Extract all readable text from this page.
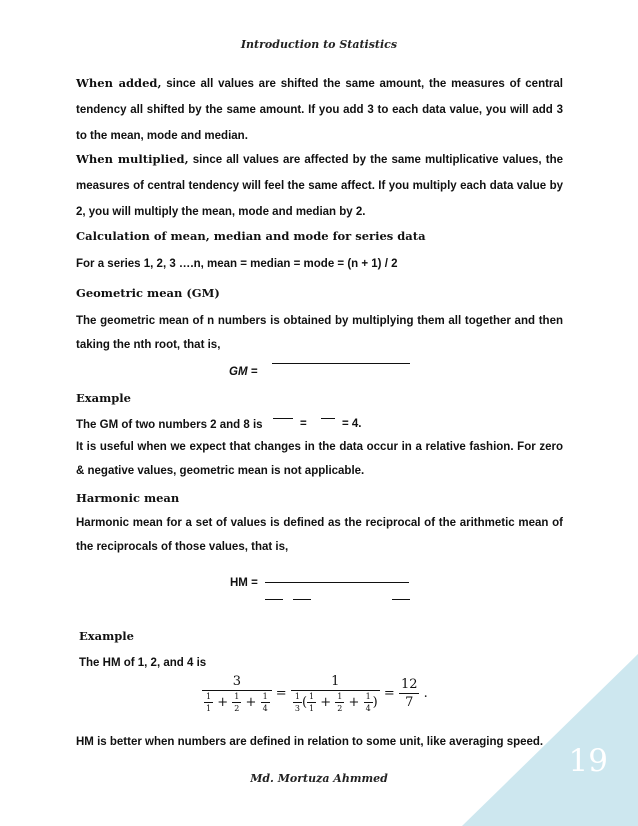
Introduction to Statistics
When added, since all values are shifted the same amount, the measures of central tendency all shifted by the same amount. If you add 3 to each data value, you will add 3 to the mean, mode and median.
When multiplied, since all values are affected by the same multiplicative values, the measures of central tendency will feel the same affect. If you multiply each data value by 2, you will multiply the mean, mode and median by 2.
Calculation of mean, median and mode for series data
For a series 1, 2, 3 ….n, mean = median = mode = (n + 1) / 2
Geometric mean (GM)
The geometric mean of n numbers is obtained by multiplying them all together and then taking the nth root, that is,
GM =
Example
The GM of two numbers 2 and 8 is	=	= 4.
It is useful when we expect that changes in the data occur in a relative fashion. For zero & negative values, geometric mean is not applicable.
Harmonic mean
Harmonic mean for a set of values is defined as the reciprocal of the arithmetic mean of the reciprocals of those values, that is,
HM =
Example
The HM of 1, 2, and 4 is
$\frac{3}{\frac{1}{1} + \frac{1}{2} + \frac{1}{4}} = \frac{1}{\frac{1}{3} ( \frac{1}{1} + \frac{1}{2} + \frac{1}{4} )} = \frac{12}{7}$ .
HM is better when numbers are defined in relation to some unit, like averaging speed.
19
Md. Mortuza Ahmmed
